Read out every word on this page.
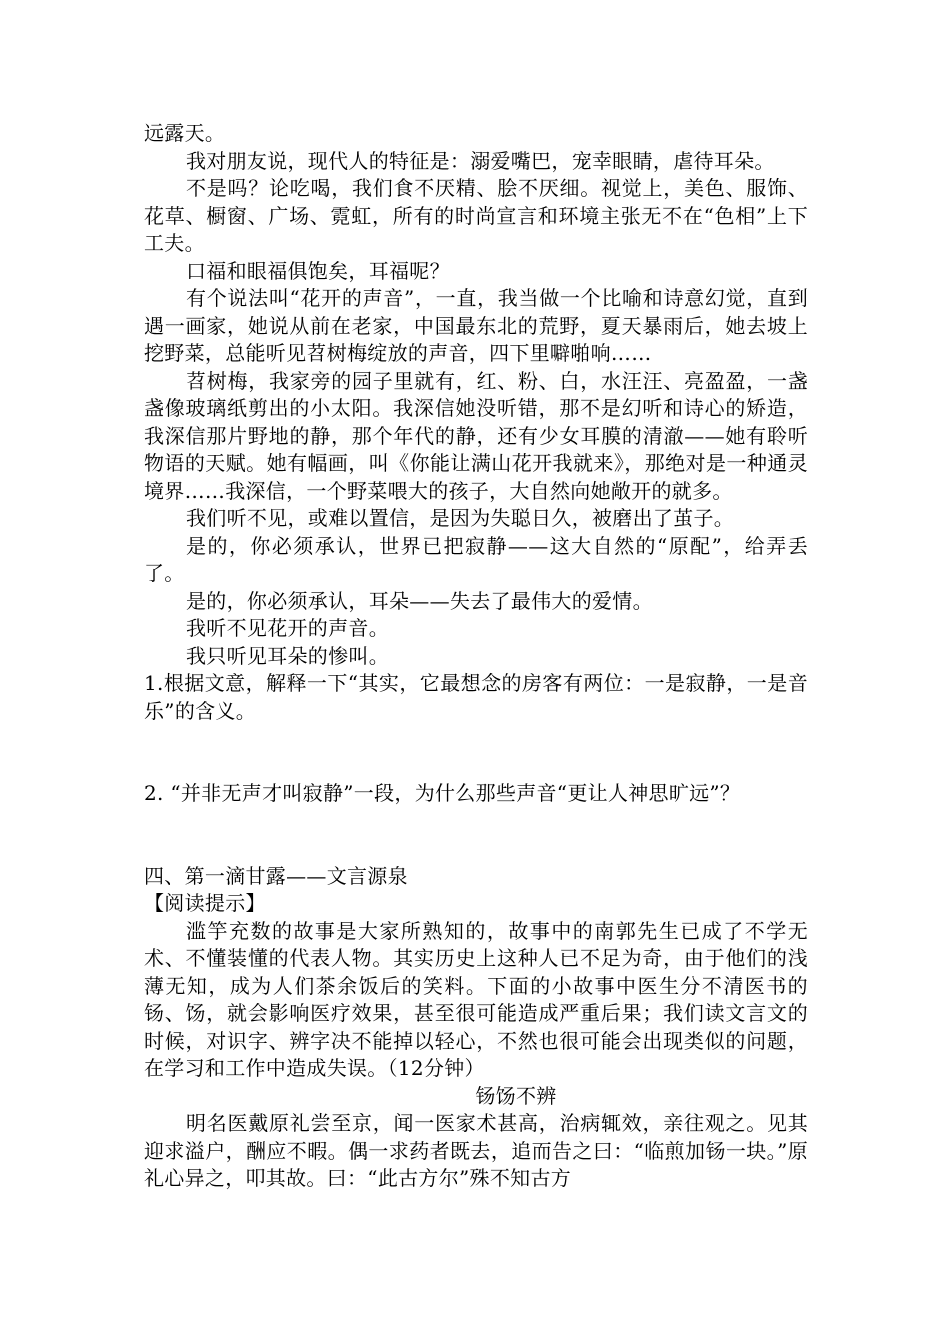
远露天。

我对朋友说，现代人的特征是：溺爱嘴巴，宠幸眼睛，虐待耳朵。

不是吗？论吃喝，我们食不厌精、脍不厌细。视觉上，美色、服饰、花草、橱窗、广场、霓虹，所有的时尚宣言和环境主张无不在“色相”上下工夫。

口福和眼福俱饱矣，耳福呢？

有个说法叫“花开的声音”，一直，我当做一个比喻和诗意幻觉，直到遇一画家，她说从前在老家，中国最东北的荒野，夏天暴雨后，她去坡上挖野菜，总能听见苕树梅绽放的声音，四下里噼啪响……

苕树梅，我家旁的园子里就有，红、粉、白，水汪汪、亮盈盈，一盏盏像玻璃纸剪出的小太阳。我深信她没听错，那不是幻听和诗心的矫造，我深信那片野地的静，那个年代的静，还有少女耳膜的清澈——她有聆听物语的天赋。她有幅画，叫《你能让满山花开我就来》，那绝对是一种通灵境界……我深信，一个野菜喂大的孩子，大自然向她敞开的就多。

我们听不见，或难以置信，是因为失聪日久，被磨出了茧子。

是的，你必须承认，世界已把寂静——这大自然的“原配”，给弄丢了。

是的，你必须承认，耳朵——失去了最伟大的爱情。

我听不见花开的声音。

我只听见耳朵的惨叫。

1.根据文意，解释一下“其实，它最想念的房客有两位：一是寂静，一是音乐”的含义。

2. “并非无声才叫寂静”一段，为什么那些声音“更让人神思旷远”？

四、第一滴甘露——文言源泉

【阅读提示】

滥竽充数的故事是大家所熟知的，故事中的南郭先生已成了不学无术、不懂装懂的代表人物。其实历史上这种人已不足为奇，由于他们的浅薄无知，成为人们茶余饭后的笑料。下面的小故事中医生分不清医书的钖、饧，就会影响医疗效果，甚至很可能造成严重后果；我们读文言文的时候，对识字、辨字决不能掉以轻心，不然也很可能会出现类似的问题，在学习和工作中造成失误。（12分钟）

钖饧不辨

明名医戴原礼尝至京，闻一医家术甚高，治病辄效，亲往观之。见其迎求溢户，酬应不暇。偶一求药者既去，追而告之曰：“临煎加钖一块。”原礼心异之，叩其故。曰：“此古方尔”殊不知古方
